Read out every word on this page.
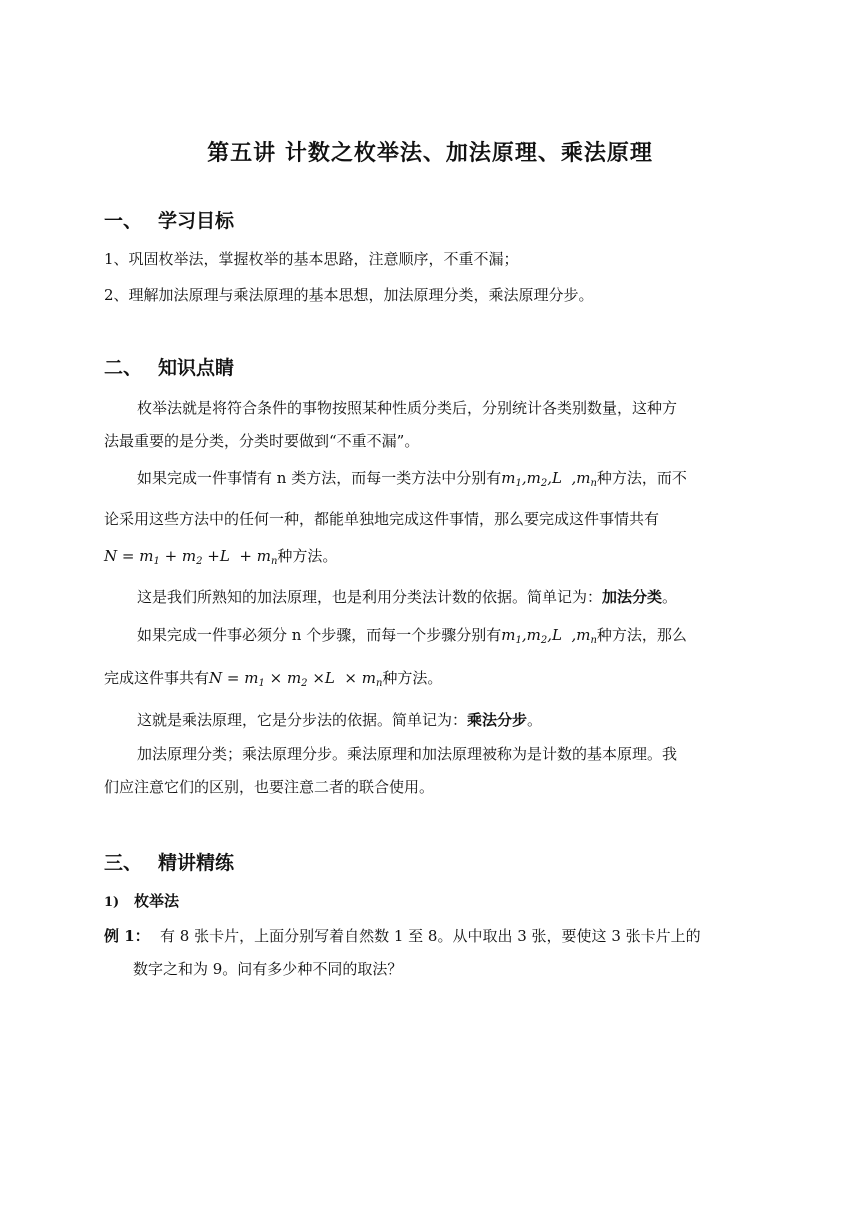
第五讲 计数之枚举法、加法原理、乘法原理
一、 学习目标
1、巩固枚举法，掌握枚举的基本思路，注意顺序，不重不漏；
2、理解加法原理与乘法原理的基本思想，加法原理分类，乘法原理分步。
二、 知识点睛
枚举法就是将符合条件的事物按照某种性质分类后，分别统计各类别数量，这种方
法最重要的是分类，分类时要做到“不重不漏”。
如果完成一件事情有 n 类方法，而每一类方法中分别有$m_1,m_2,L$  $,m_n$种方法，而不
论采用这些方法中的任何一种，都能单独地完成这件事情，那么要完成这件事情共有
$N = m_1 + m_2 +L + m_n$种方法。
这是我们所熟知的加法原理，也是利用分类法计数的依据。简单记为：加法分类。
如果完成一件事必须分 n 个步骤，而每一个步骤分别有$m_1,m_2,L$  $,m_n$种方法，那么
完成这件事共有$N = m_1 \times m_2 \times L \times m_n$种方法。
这就是乘法原理，它是分步法的依据。简单记为：乘法分步。
加法原理分类；乘法原理分步。乘法原理和加法原理被称为是计数的基本原理。我
们应注意它们的区别，也要注意二者的联合使用。
三、 精讲精练
1) 枚举法
例 1： 有 8 张卡片，上面分别写着自然数 1 至 8。从中取出 3 张，要使这 3 张卡片上的
数字之和为 9。问有多少种不同的取法？
